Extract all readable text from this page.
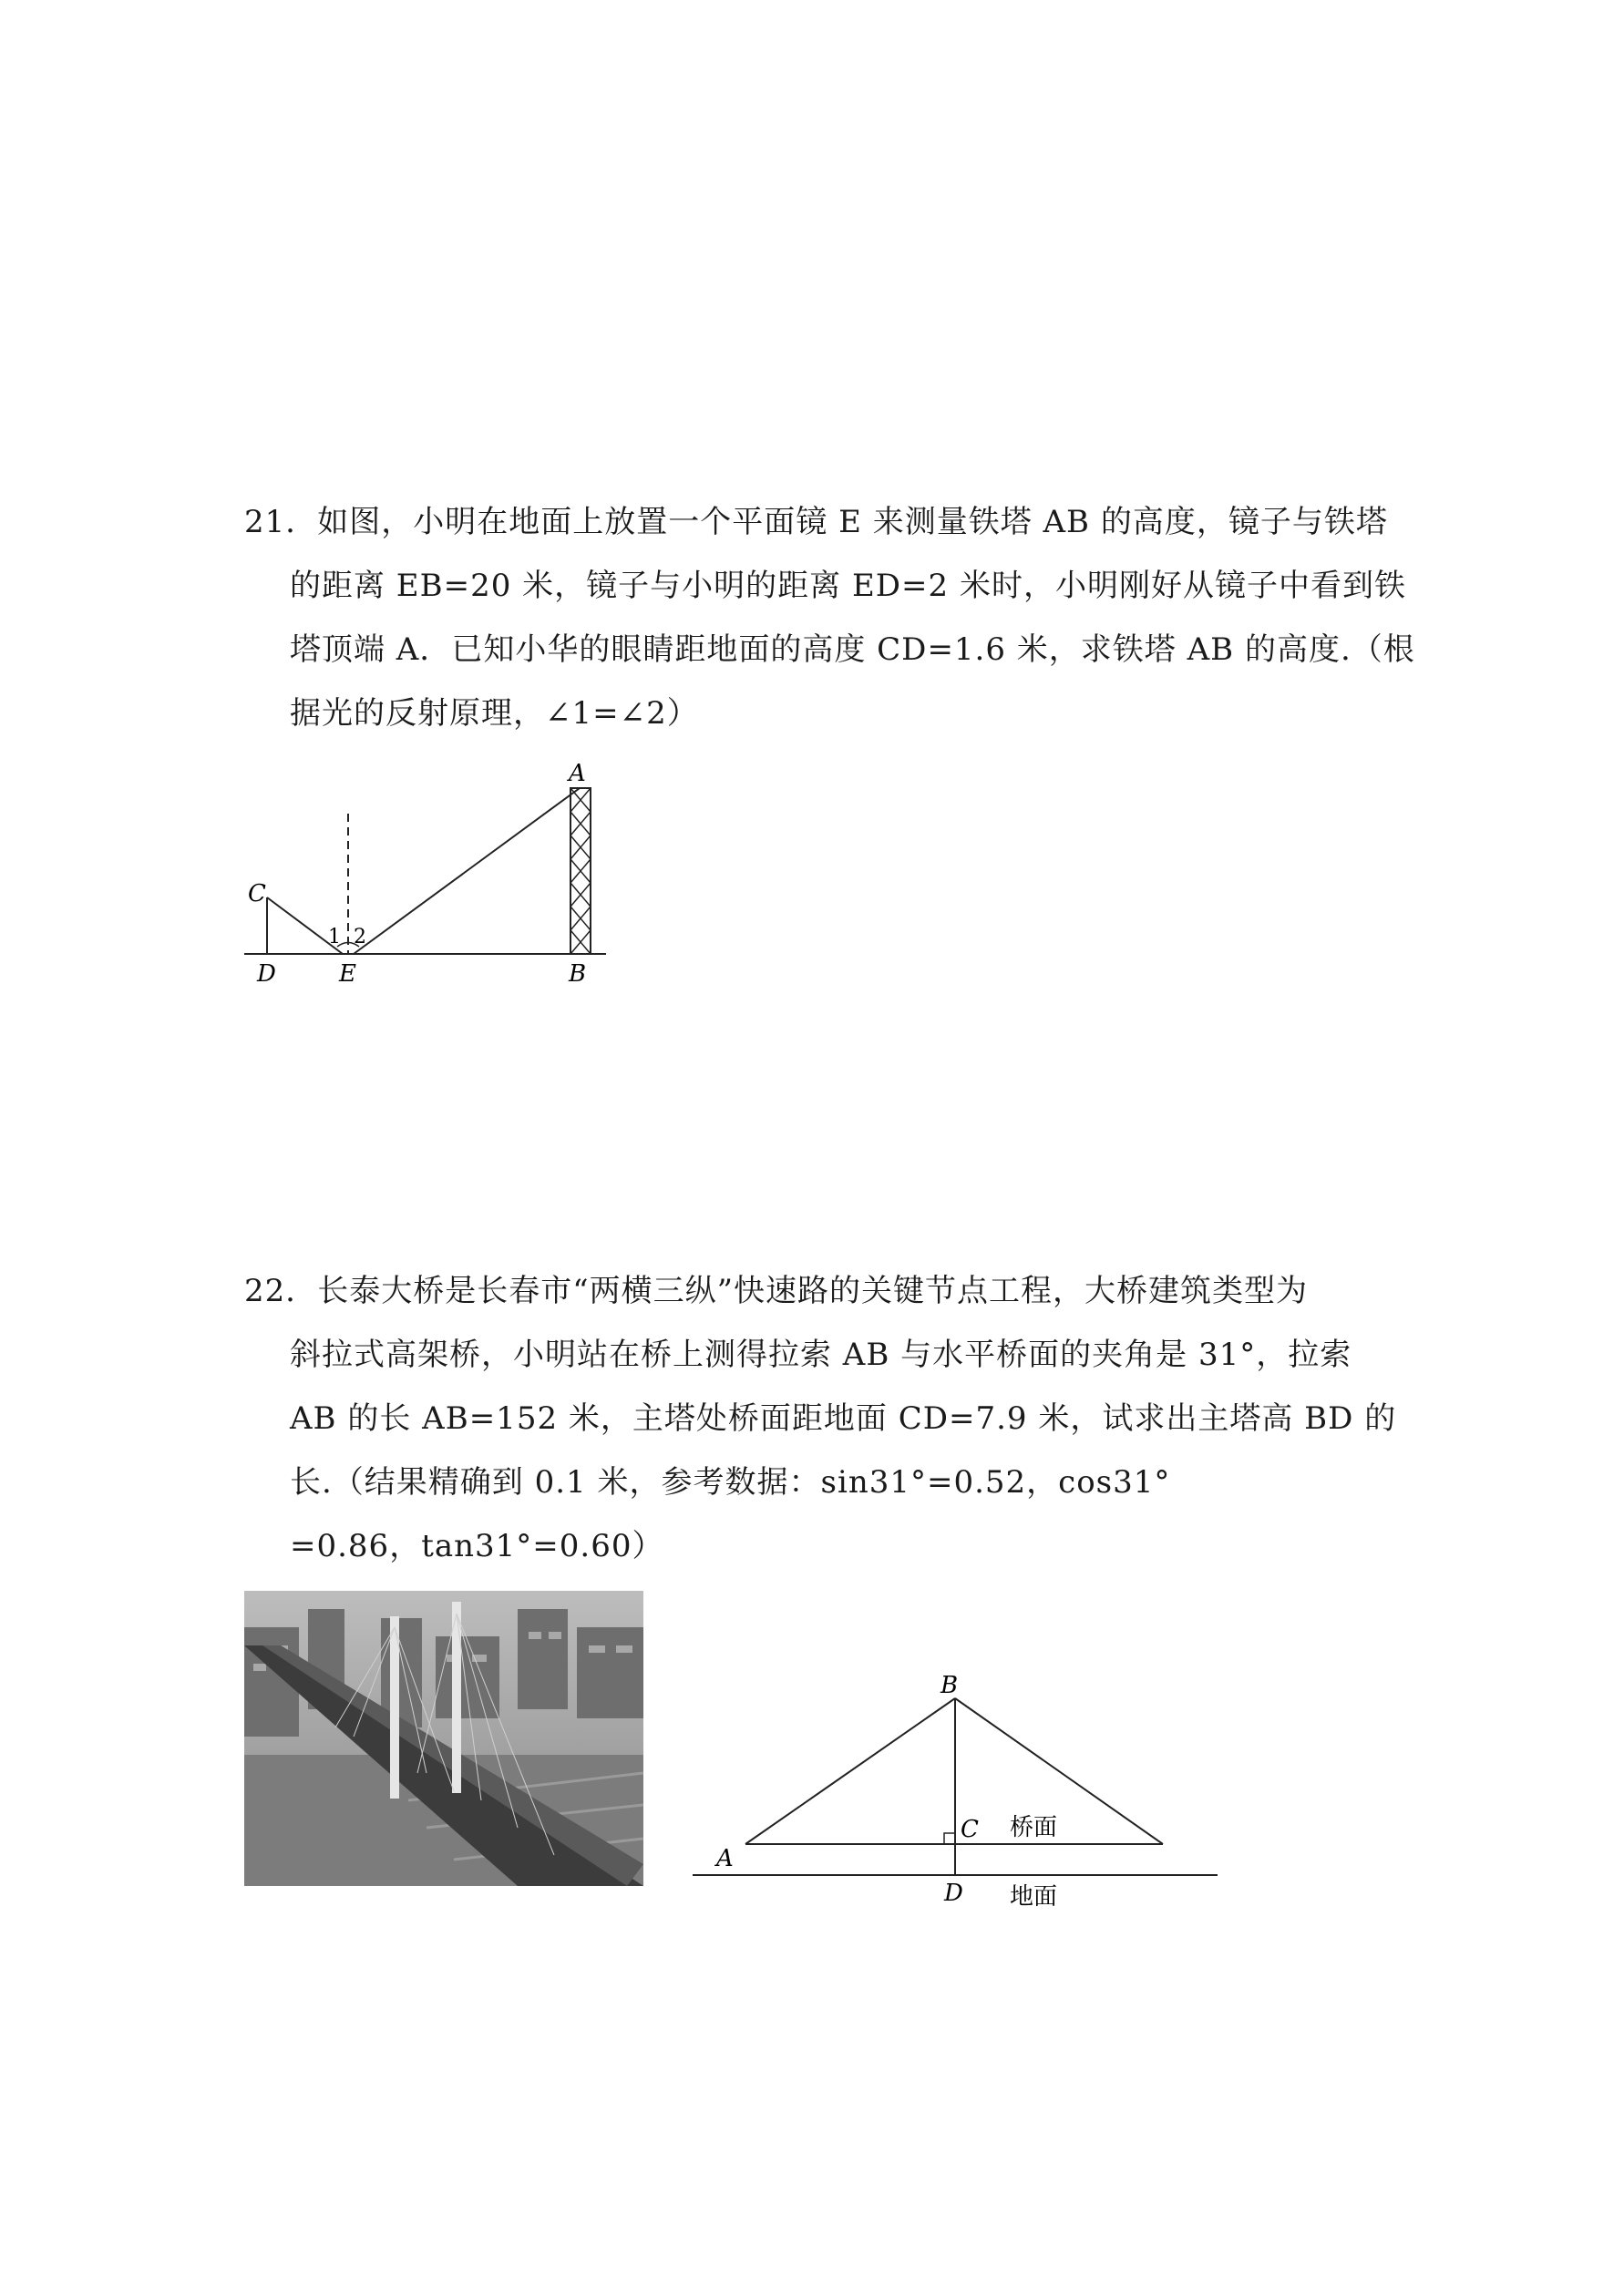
21．如图，小明在地面上放置一个平面镜 E 来测量铁塔 AB 的高度，镜子与铁塔
的距离 EB=20 米，镜子与小明的距离 ED=2 米时，小明刚好从镜子中看到铁
塔顶端 A．已知小华的眼睛距地面的高度 CD=1.6 米，求铁塔 AB 的高度.（根
据光的反射原理，∠1=∠2）
A
B
C
D	E
1 2
22．长泰大桥是长春市“两横三纵”快速路的关键节点工程，大桥建筑类型为
斜拉式高架桥，小明站在桥上测得拉索 AB 与水平桥面的夹角是 31°，拉索
AB 的长 AB=152 米，主塔处桥面距地面 CD=7.9 米，试求出主塔高 BD 的
长.（结果精确到 0.1 米，参考数据：sin31°=0.52，cos31°
=0.86，tan31°=0.60）
A
B
C
D
桥面
地面
